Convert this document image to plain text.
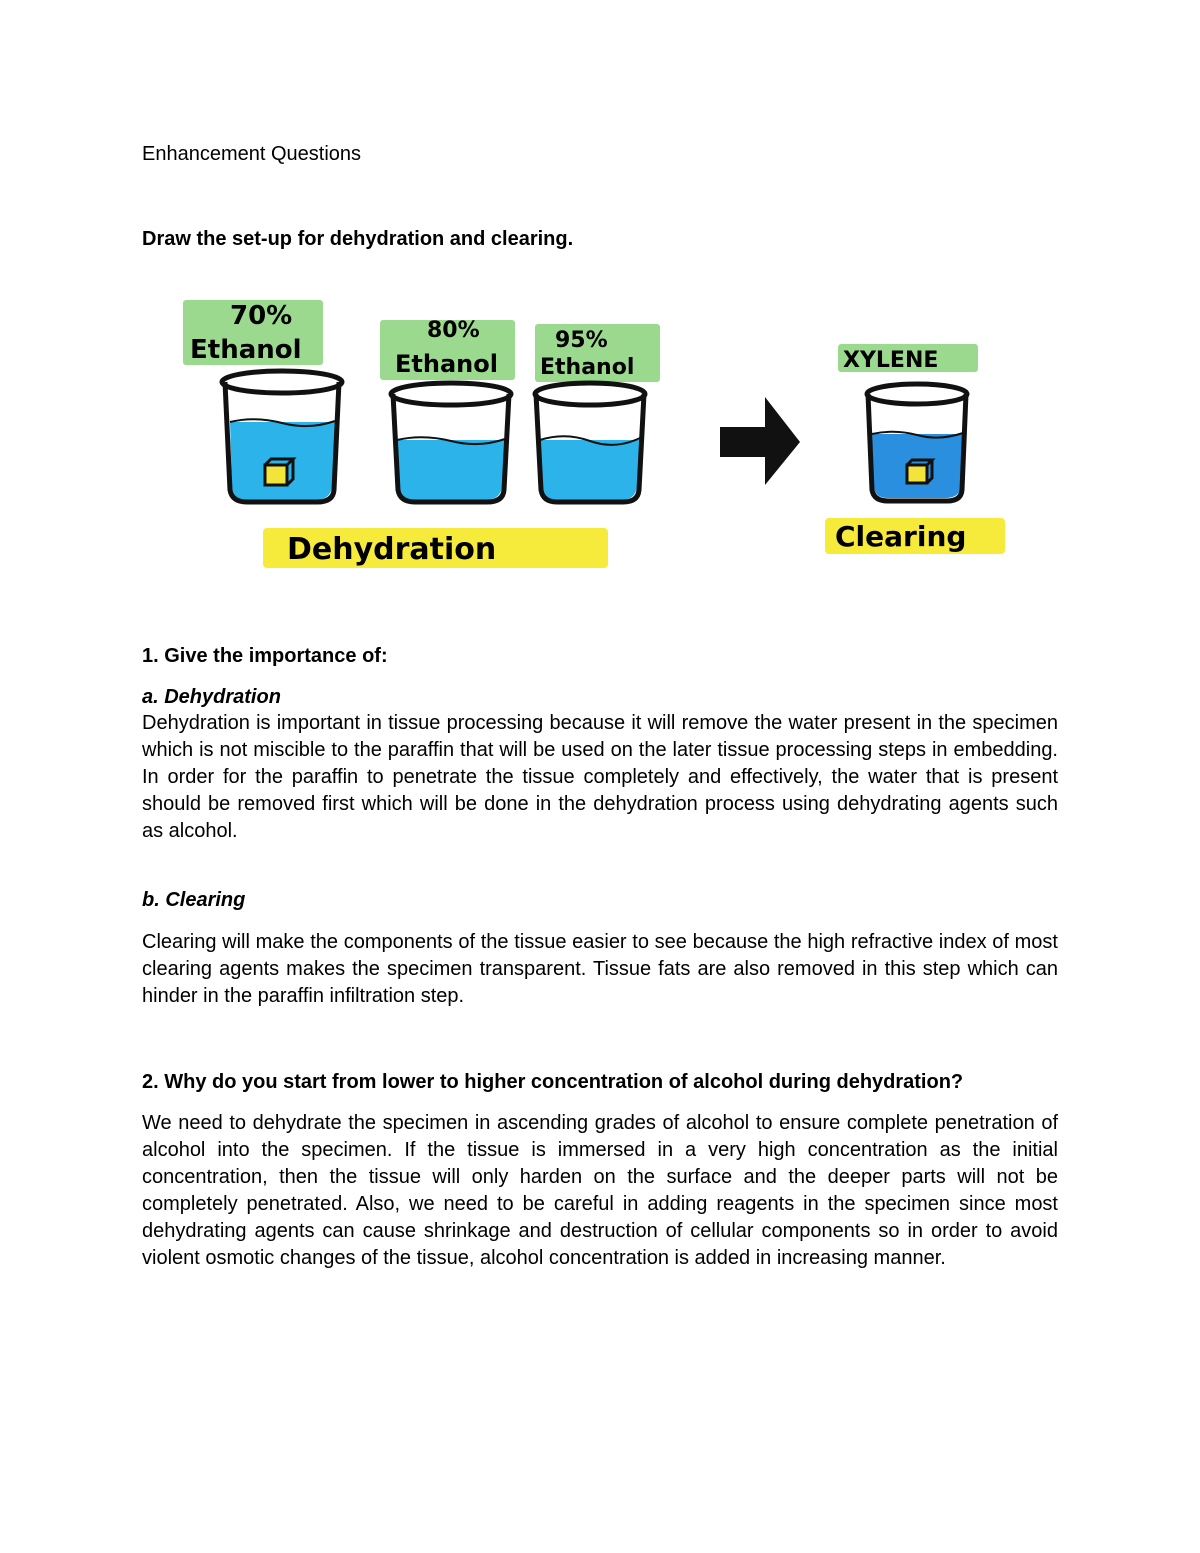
Enhancement Questions

Draw the set-up for dehydration and clearing.

70%
Ethanol
80%
Ethanol
95%
Ethanol	XYLENE
Dehydration	Clearing

1. Give the importance of:

a. Dehydration

Dehydration is important in tissue processing because it will remove the water present in the specimen which is not miscible to the paraffin that will be used on the later tissue processing steps in embedding. In order for the paraffin to penetrate the tissue completely and effectively, the water that is present should be removed first which will be done in the dehydration process using dehydrating agents such as alcohol.

b. Clearing

Clearing will make the components of the tissue easier to see because the high refractive index of most clearing agents makes the specimen transparent. Tissue fats are also removed in this step which can hinder in the paraffin infiltration step.

2. Why do you start from lower to higher concentration of alcohol during dehydration?

We need to dehydrate the specimen in ascending grades of alcohol to ensure complete penetration of alcohol into the specimen. If the tissue is immersed in a very high concentration as the initial concentration, then the tissue will only harden on the surface and the deeper parts will not be completely penetrated. Also, we need to be careful in adding reagents in the specimen since most dehydrating agents can cause shrinkage and destruction of cellular components so in order to avoid violent osmotic changes of the tissue, alcohol concentration is added in increasing manner.
